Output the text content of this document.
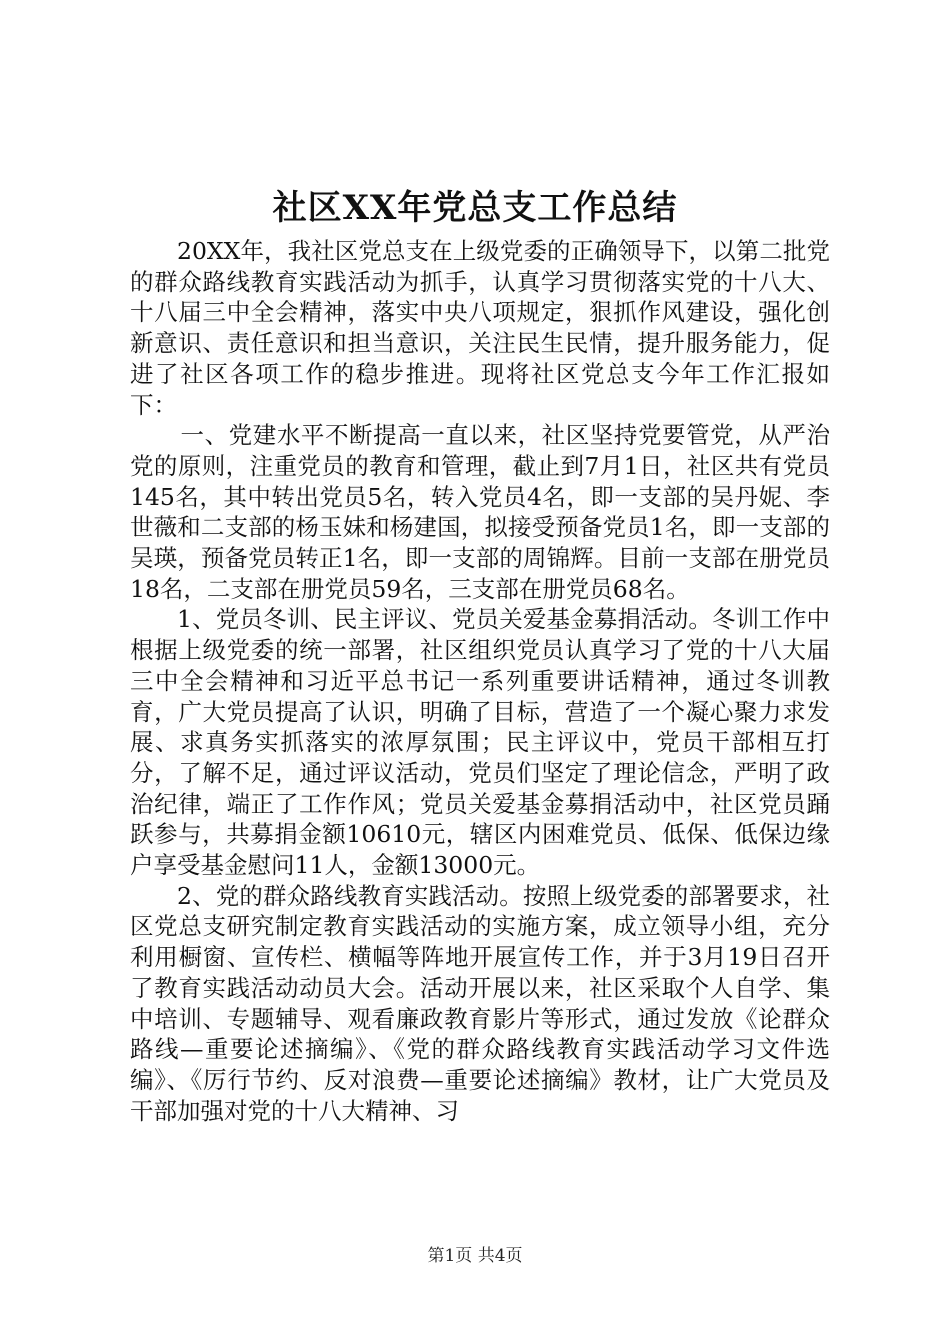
社区XX年党总支工作总结

20XX年，我社区党总支在上级党委的正确领导下，以第二批党的群众路线教育实践活动为抓手，认真学习贯彻落实党的十八大、十八届三中全会精神，落实中央八项规定，狠抓作风建设，强化创新意识、责任意识和担当意识，关注民生民情，提升服务能力，促进了社区各项工作的稳步推进。现将社区党总支今年工作汇报如下：

一、党建水平不断提高一直以来，社区坚持党要管党，从严治党的原则，注重党员的教育和管理，截止到7月1日，社区共有党员145名，其中转出党员5名，转入党员4名，即一支部的吴丹妮、李世薇和二支部的杨玉妹和杨建国，拟接受预备党员1名，即一支部的吴瑛，预备党员转正1名，即一支部的周锦辉。目前一支部在册党员18名，二支部在册党员59名，三支部在册党员68名。

1、党员冬训、民主评议、党员关爱基金募捐活动。冬训工作中根据上级党委的统一部署，社区组织党员认真学习了党的十八大届三中全会精神和习近平总书记一系列重要讲话精神，通过冬训教育，广大党员提高了认识，明确了目标，营造了一个凝心聚力求发展、求真务实抓落实的浓厚氛围；民主评议中，党员干部相互打分，了解不足，通过评议活动，党员们坚定了理论信念，严明了政治纪律，端正了工作作风；党员关爱基金募捐活动中，社区党员踊跃参与，共募捐金额10610元，辖区内困难党员、低保、低保边缘户享受基金慰问11人，金额13000元。

2、党的群众路线教育实践活动。按照上级党委的部署要求，社区党总支研究制定教育实践活动的实施方案，成立领导小组，充分利用橱窗、宣传栏、横幅等阵地开展宣传工作，并于3月19日召开了教育实践活动动员大会。活动开展以来，社区采取个人自学、集中培训、专题辅导、观看廉政教育影片等形式，通过发放《论群众路线—重要论述摘编》、《党的群众路线教育实践活动学习文件选编》、《厉行节约、反对浪费—重要论述摘编》教材，让广大党员及干部加强对党的十八大精神、习

第1页 共4页
